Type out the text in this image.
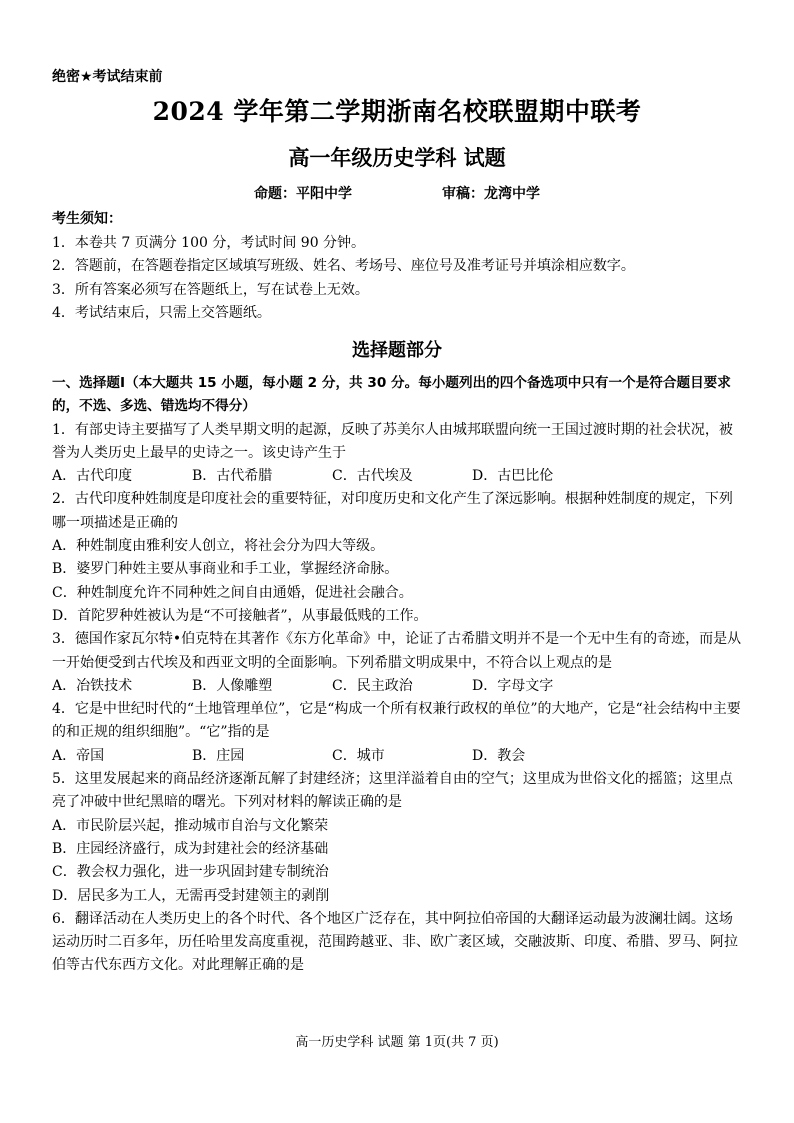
绝密★考试结束前
2024 学年第二学期浙南名校联盟期中联考
高一年级历史学科 试题
命题：平阳中学	审稿：龙湾中学
考生须知：
1．本卷共 7 页满分 100 分，考试时间 90 分钟。
2．答题前，在答题卷指定区域填写班级、姓名、考场号、座位号及准考证号并填涂相应数字。
3．所有答案必须写在答题纸上，写在试卷上无效。
4．考试结束后，只需上交答题纸。
选择题部分

一、选择题Ⅰ（本大题共 15 小题，每小题 2 分，共 30 分。每小题列出的四个备选项中只有一个是符合题目要求的，不选、多选、错选均不得分）

1．有部史诗主要描写了人类早期文明的起源，反映了苏美尔人由城邦联盟向统一王国过渡时期的社会状况，被誉为人类历史上最早的史诗之一。该史诗产生于

A．古代印度	B．古代希腊	C．古代埃及	D．古巴比伦

2．古代印度种姓制度是印度社会的重要特征，对印度历史和文化产生了深远影响。根据种姓制度的规定，下列哪一项描述是正确的

A．种姓制度由雅利安人创立，将社会分为四大等级。

B．婆罗门种姓主要从事商业和手工业，掌握经济命脉。

C．种姓制度允许不同种姓之间自由通婚，促进社会融合。

D．首陀罗种姓被认为是“不可接触者”，从事最低贱的工作。

3．德国作家瓦尔特•伯克特在其著作《东方化革命》中，论证了古希腊文明并不是一个无中生有的奇迹，而是从一开始便受到古代埃及和西亚文明的全面影响。下列希腊文明成果中，不符合以上观点的是

A．冶铁技术	B．人像雕塑	C．民主政治	D．字母文字

4．它是中世纪时代的“土地管理单位”，它是“构成一个所有权兼行政权的单位”的大地产，它是“社会结构中主要的和正规的组织细胞”。“它”指的是

A．帝国	B．庄园	C．城市	D．教会

5．这里发展起来的商品经济逐渐瓦解了封建经济；这里洋溢着自由的空气；这里成为世俗文化的摇篮；这里点亮了冲破中世纪黑暗的曙光。下列对材料的解读正确的是

A．市民阶层兴起，推动城市自治与文化繁荣

B．庄园经济盛行，成为封建社会的经济基础

C．教会权力强化，进一步巩固封建专制统治

D．居民多为工人，无需再受封建领主的剥削

6．翻译活动在人类历史上的各个时代、各个地区广泛存在，其中阿拉伯帝国的大翻译运动最为波澜壮阔。这场运动历时二百多年，历任哈里发高度重视，范围跨越亚、非、欧广袤区域，交融波斯、印度、希腊、罗马、阿拉伯等古代东西方文化。对此理解正确的是

高一历史学科 试题 第 1页(共 7 页)
